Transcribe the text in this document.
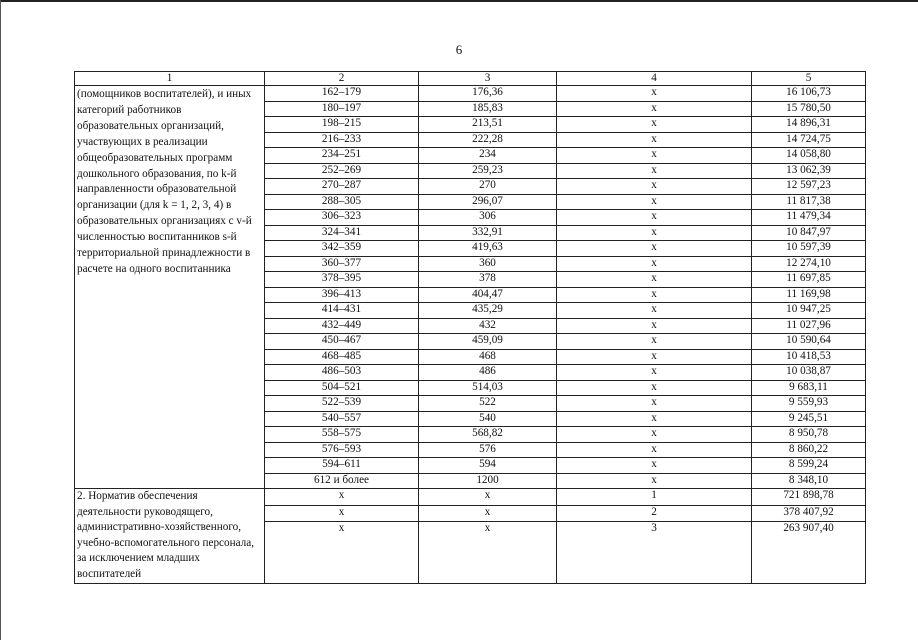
6
1	2	3	4	5
(помощников воспитателей), и иных категорий работников образовательных организаций, участвующих в реализации общеобразовательных программ дошкольного образования, по k-й направленности образовательной организации (для k = 1, 2, 3, 4) в образовательных организациях с v-й численностью воспитанников s-й территориальной принадлежности в расчете на одного воспитанника	162–179	176,36	x	16 106,73
	180–197	185,83	x	15 780,50
	198–215	213,51	x	14 896,31
	216–233	222,28	x	14 724,75
	234–251	234	x	14 058,80
	252–269	259,23	x	13 062,39
	270–287	270	x	12 597,23
	288–305	296,07	x	11 817,38
	306–323	306	x	11 479,34
	324–341	332,91	x	10 847,97
	342–359	419,63	x	10 597,39
	360–377	360	x	12 274,10
	378–395	378	x	11 697,85
	396–413	404,47	x	11 169,98
	414–431	435,29	x	10 947,25
	432–449	432	x	11 027,96
	450–467	459,09	x	10 590,64
	468–485	468	x	10 418,53
	486–503	486	x	10 038,87
	504–521	514,03	x	9 683,11
	522–539	522	x	9 559,93
	540–557	540	x	9 245,51
	558–575	568,82	x	8 950,78
	576–593	576	x	8 860,22
	594–611	594	x	8 599,24
	612 и более	1200	x	8 348,10
2. Норматив обеспечения деятельности руководящего, административно-хозяйственного, учебно-вспомогательного персонала, за исключением младших воспитателей	x	x	1	721 898,78
	x	x	2	378 407,92
	x	x	3	263 907,40
